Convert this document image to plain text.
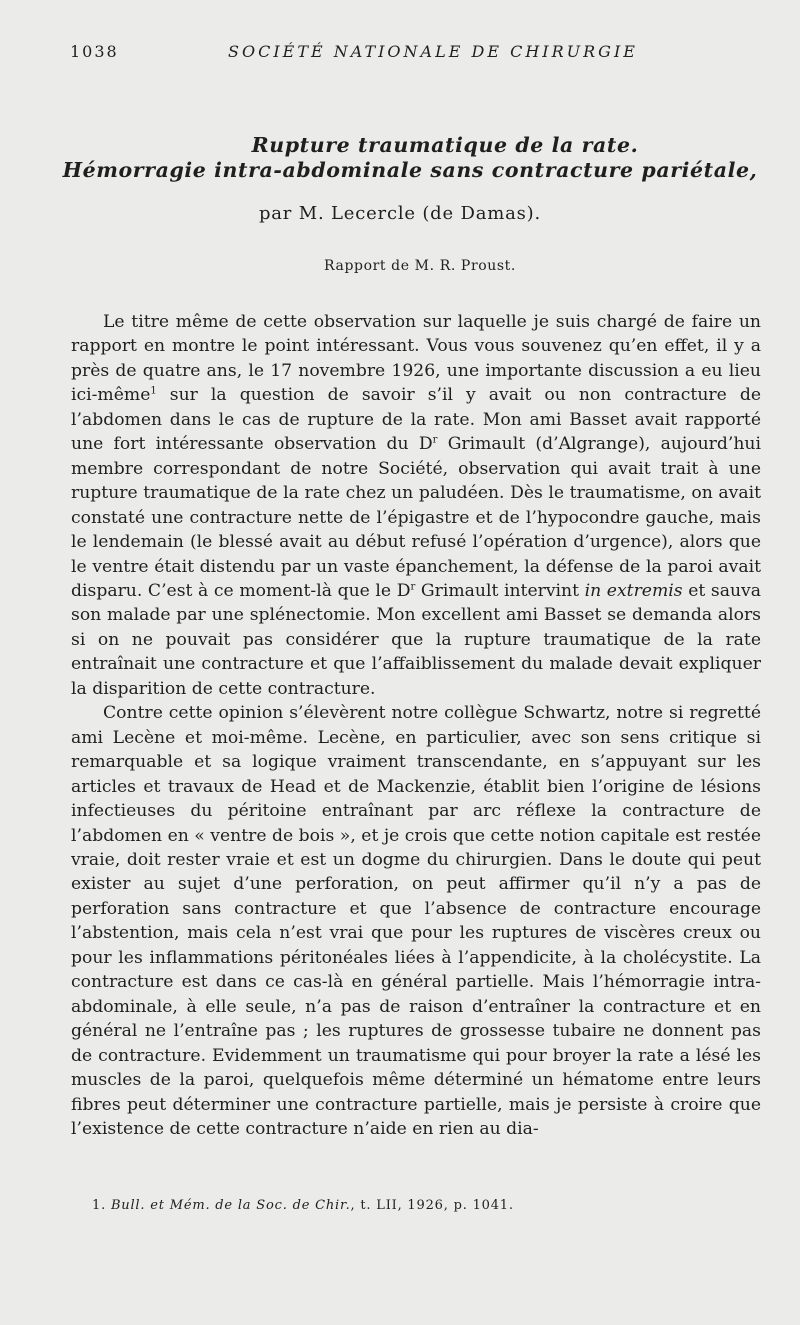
1038	SOCIÉTÉ NATIONALE DE CHIRURGIE
Rupture traumatique de la rate.
Hémorragie intra-abdominale sans contracture pariétale,
par M. Lecercle (de Damas).
Rapport de M. R. Proust.

Le titre même de cette observation sur laquelle je suis chargé de faire un rapport en montre le point intéressant. Vous vous souvenez qu’en effet, il y a près de quatre ans, le 17 novembre 1926, une importante discussion a eu lieu ici-même$^1$ sur la question de savoir s’il y avait ou non contracture de l’abdomen dans le cas de rupture de la rate. Mon ami Basset avait rapporté une fort intéressante observation du $D^r$ Grimault (d’Algrange), aujourd’hui membre correspondant de notre Société, observation qui avait trait à une rupture traumatique de la rate chez un paludéen. Dès le traumatisme, on avait constaté une contracture nette de l’épigastre et de l’hypocondre gauche, mais le lendemain (le blessé avait au début refusé l’opération d’urgence), alors que le ventre était distendu par un vaste épanchement, la défense de la paroi avait disparu. C’est à ce moment-là que le $D^r$ Grimault intervint in extremis et sauva son malade par une splénectomie. Mon excellent ami Basset se demanda alors si on ne pouvait pas considérer que la rupture traumatique de la rate entraînait une contracture et que l’affaiblissement du malade devait expliquer la disparition de cette contracture.

Contre cette opinion s’élevèrent notre collègue Schwartz, notre si regretté ami Lecène et moi-même. Lecène, en particulier, avec son sens critique si remarquable et sa logique vraiment transcendante, en s’appuyant sur les articles et travaux de Head et de Mackenzie, établit bien l’origine de lésions infectieuses du péritoine entraînant par arc réflexe la contracture de l’abdomen en « ventre de bois », et je crois que cette notion capitale est restée vraie, doit rester vraie et est un dogme du chirurgien. Dans le doute qui peut exister au sujet d’une perforation, on peut affirmer qu’il n’y a pas de perforation sans contracture et que l’absence de contracture encourage l’abstention, mais cela n’est vrai que pour les ruptures de viscères creux ou pour les inflammations péritonéales liées à l’appendicite, à la cholécystite. La contracture est dans ce cas-là en général partielle. Mais l’hémorragie intra-abdominale, à elle seule, n’a pas de raison d’entraîner la contracture et en général ne l’entraîne pas ; les ruptures de grossesse tubaire ne donnent pas de contracture. Evidemment un traumatisme qui pour broyer la rate a lésé les muscles de la paroi, quelquefois même déterminé un hématome entre leurs fibres peut déterminer une contracture partielle, mais je persiste à croire que l’existence de cette contracture n’aide en rien au dia-

1. Bull. et Mém. de la Soc. de Chir., t. LII, 1926, p. 1041.
